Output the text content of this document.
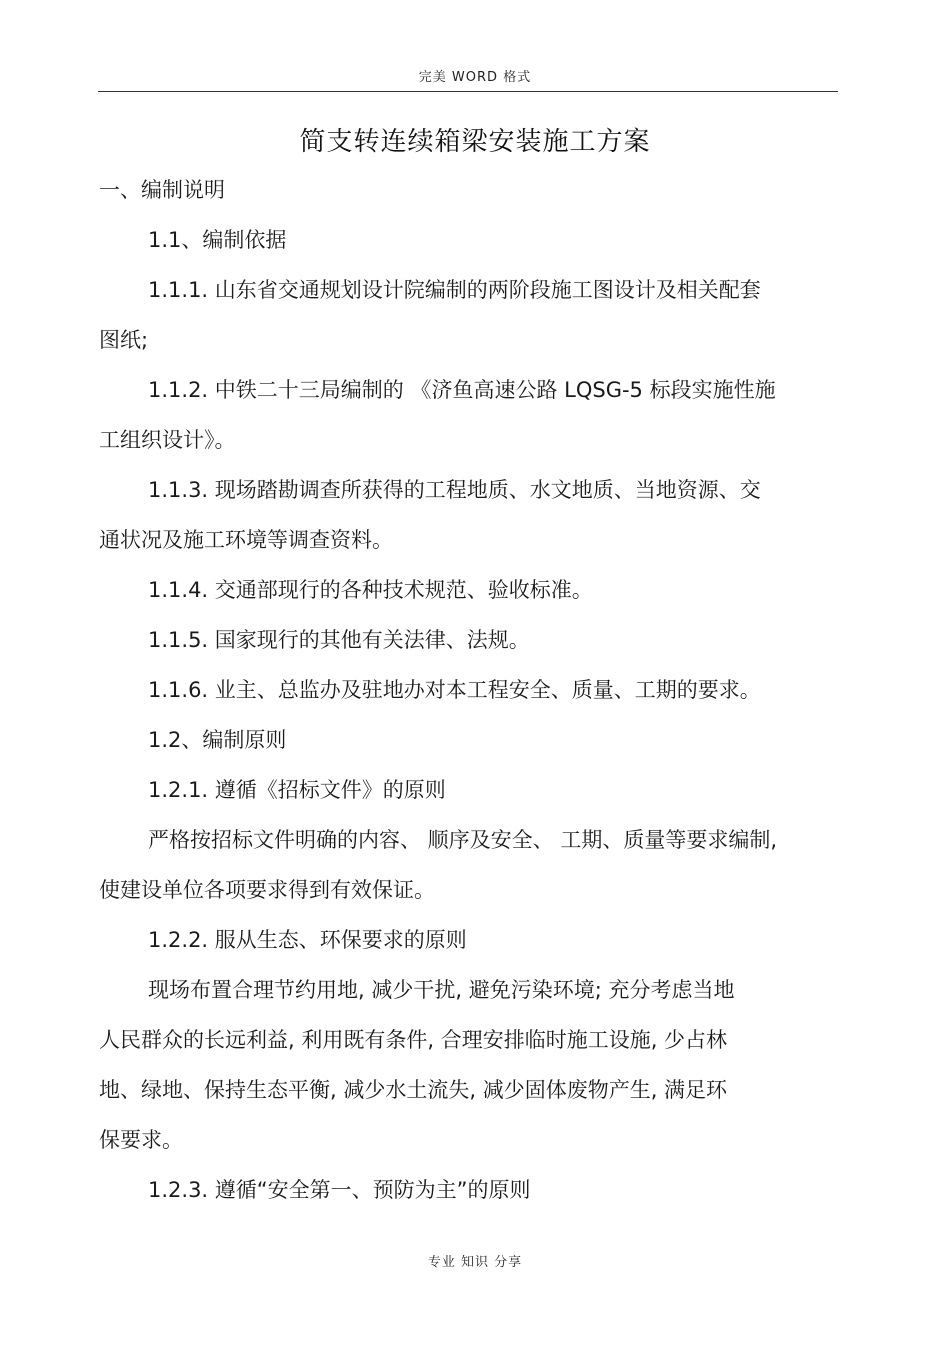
完美 WORD 格式
简支转连续箱梁安装施工方案
一、编制说明
1.1、编制依据
1.1.1. 山东省交通规划设计院编制的两阶段施工图设计及相关配套
图纸;
1.1.2. 中铁二十三局编制的 《济鱼高速公路 LQSG-5 标段实施性施
工组织设计》。
1.1.3. 现场踏勘调查所获得的工程地质、水文地质、当地资源、交
通状况及施工环境等调查资料。
1.1.4. 交通部现行的各种技术规范、验收标准。
1.1.5. 国家现行的其他有关法律、法规。
1.1.6. 业主、总监办及驻地办对本工程安全、质量、工期的要求。
1.2、编制原则
1.2.1. 遵循《招标文件》的原则
严格按招标文件明确的内容、 顺序及安全、 工期、质量等要求编制,
使建设单位各项要求得到有效保证。
1.2.2. 服从生态、环保要求的原则
现场布置合理节约用地, 减少干扰, 避免污染环境; 充分考虑当地
人民群众的长远利益, 利用既有条件, 合理安排临时施工设施, 少占林
地、绿地、保持生态平衡, 减少水土流失, 减少固体废物产生, 满足环
保要求。
1.2.3. 遵循“安全第一、预防为主”的原则
专业 知识 分享
